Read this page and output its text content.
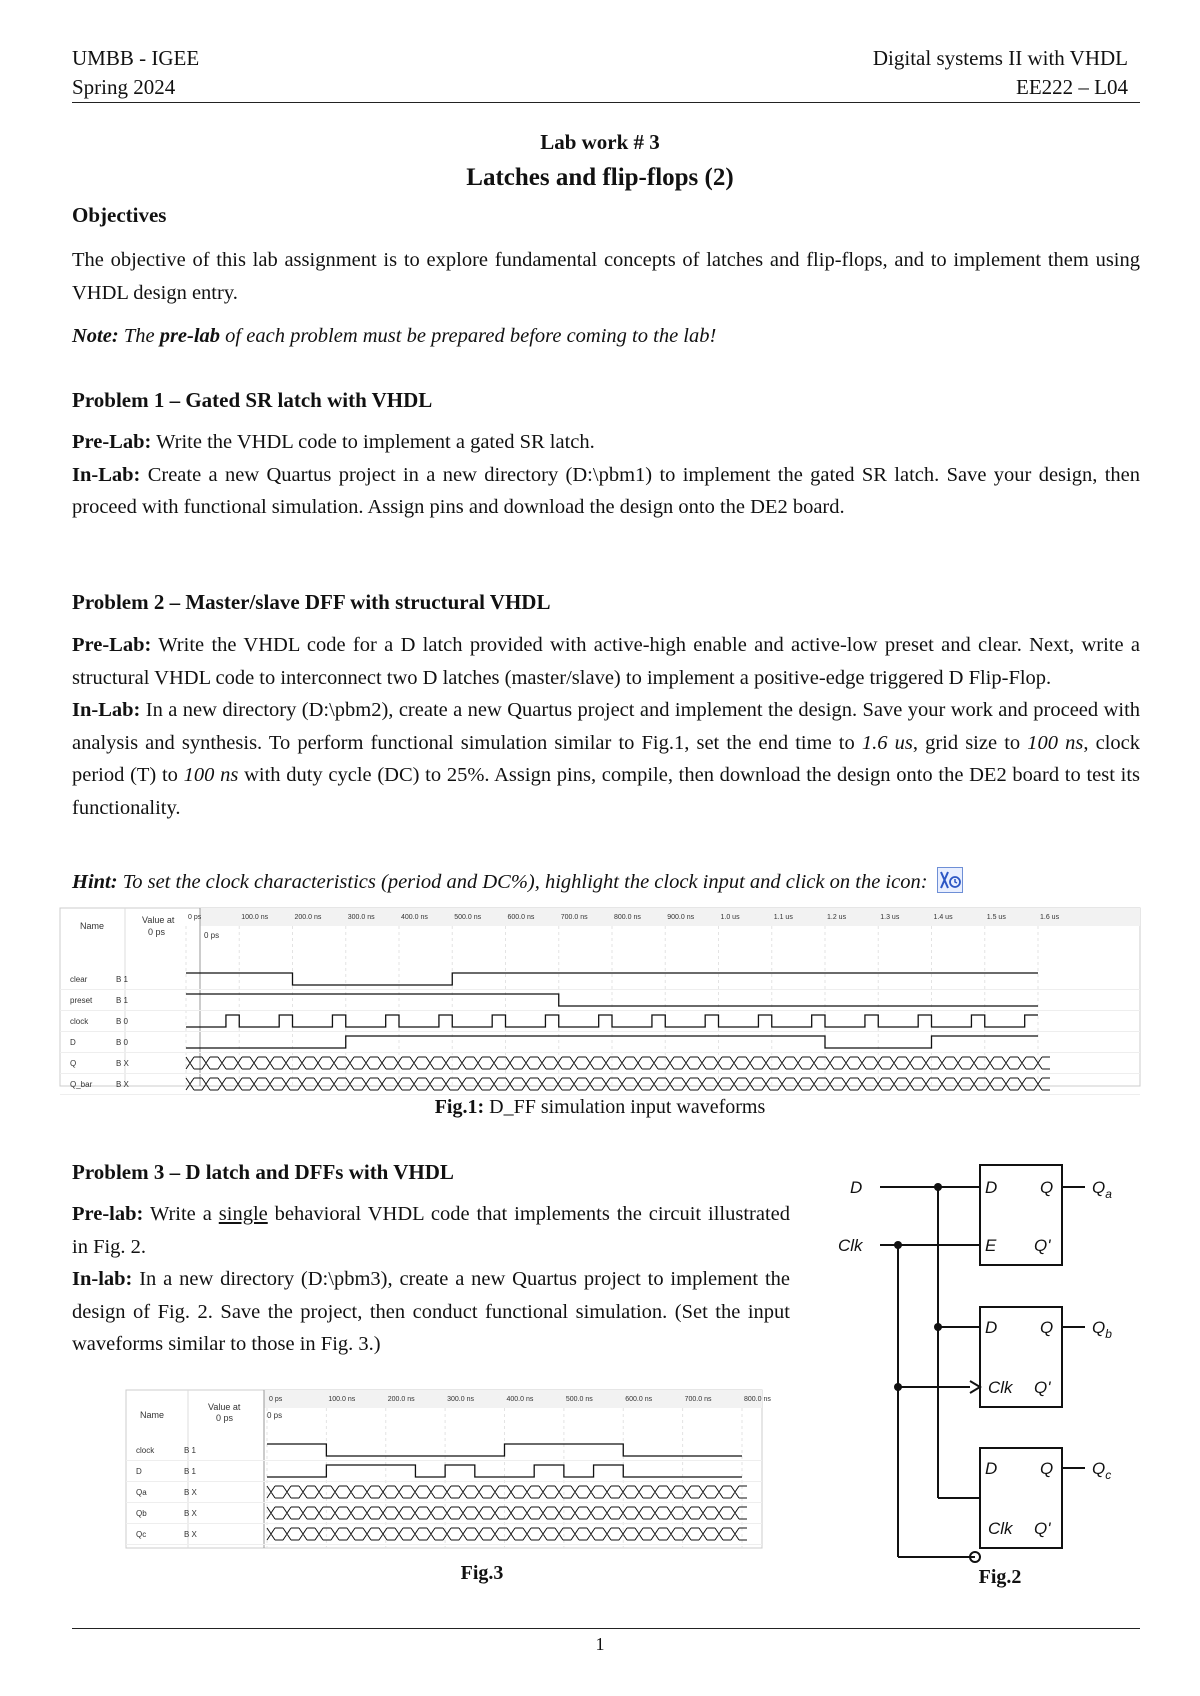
UMBB - IGEE
Spring 2024
Digital systems II with VHDL
EE222 – L04
Lab work # 3
Latches and flip-flops (2)
Objectives
The objective of this lab assignment is to explore fundamental concepts of latches and flip-flops, and to implement them using VHDL design entry.
Note: The pre-lab of each problem must be prepared before coming to the lab!
Problem 1 – Gated SR latch with VHDL
Pre-Lab: Write the VHDL code to implement a gated SR latch.
In-Lab: Create a new Quartus project in a new directory (D:\pbm1) to implement the gated SR latch. Save your design, then proceed with functional simulation. Assign pins and download the design onto the DE2 board.
Problem 2 – Master/slave DFF with structural VHDL
Pre-Lab: Write the VHDL code for a D latch provided with active-high enable and active-low preset and clear. Next, write a structural VHDL code to interconnect two D latches (master/slave) to implement a positive-edge triggered D Flip-Flop.
In-Lab: In a new directory (D:\pbm2), create a new Quartus project and implement the design. Save your work and proceed with analysis and synthesis. To perform functional simulation similar to Fig.1, set the end time to 1.6 us, grid size to 100 ns, clock period (T) to 100 ns with duty cycle (DC) to 25%. Assign pins, compile, then download the design onto the DE2 board to test its functionality.
Hint: To set the clock characteristics (period and DC%), highlight the clock input and click on the icon:
Name
Value at
0 ps	0 ps
0 ps	100.0 ns	200.0 ns	300.0 ns	400.0 ns	500.0 ns	600.0 ns	700.0 ns	800.0 ns	900.0 ns	1.0 us	1.1 us	1.2 us	1.3 us	1.4 us	1.5 us	1.6 us
clear	B 1
preset	B 1
clock	B 0
D	B 0
Q	B X
Q_bar	B X
Fig.1: D_FF simulation input waveforms
Problem 3 – D latch and DFFs with VHDL
Pre-lab: Write a single behavioral VHDL code that implements the circuit illustrated in Fig. 2.
In-lab: In a new directory (D:\pbm3), create a new Quartus project to implement the design of Fig. 2. Save the project, then conduct functional simulation. (Set the input waveforms similar to those in Fig. 3.)
Name
Value at
0 ps	0 ps
0 ps	100.0 ns	200.0 ns	300.0 ns	400.0 ns	500.0 ns	600.0 ns	700.0 ns	800.0 ns
clock	B 1
D	B 1
Qa	B X
Qb	B X
Qc	B X
Fig.3
D
Clk
D	Q
E Q'
$Q_a$
D	Q
Clk Q'
$Q_b$
D	Q
Clk Q'
$Q_c$
Fig.2
1
